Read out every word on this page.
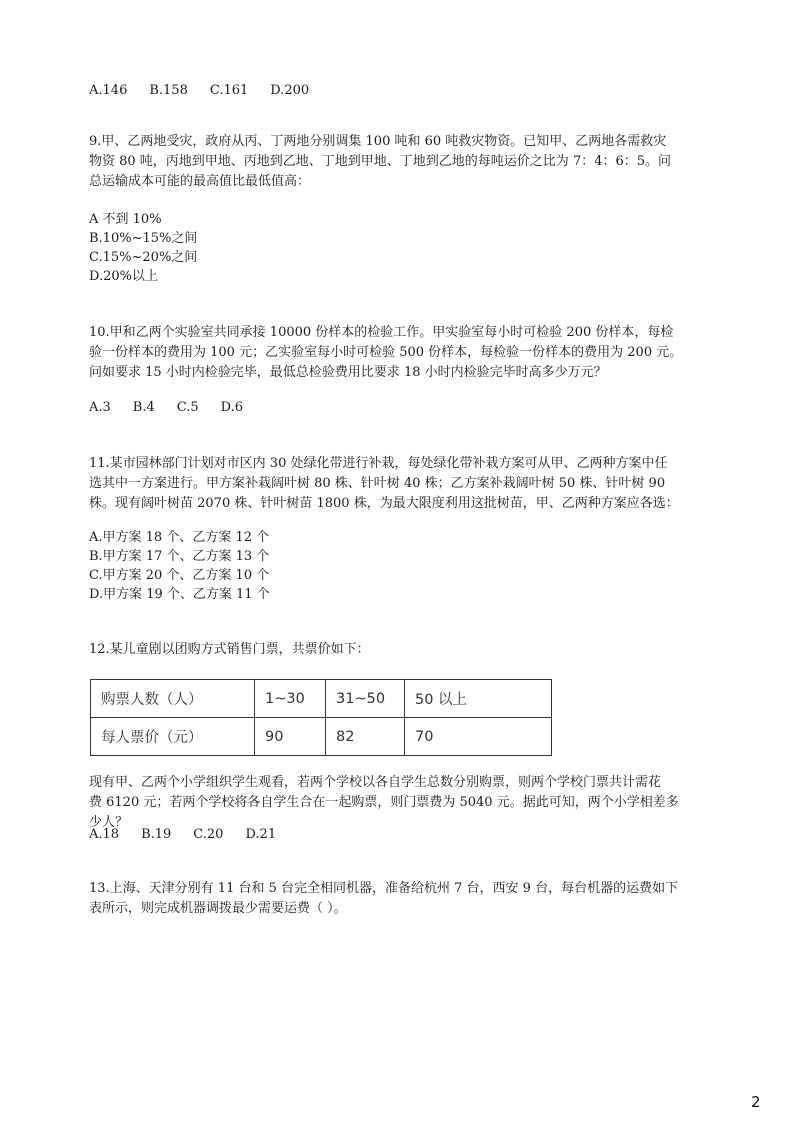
A.146 B.158 C.161 D.200
9.甲、乙两地受灾，政府从丙、丁两地分别调集 100 吨和 60 吨救灾物资。已知甲、乙两地各需救灾
物资 80 吨，丙地到甲地、丙地到乙地、丁地到甲地、丁地到乙地的每吨运价之比为 7：4：6：5。问
总运输成本可能的最高值比最低值高：
A 不到 10%
B.10%~15%之间
C.15%~20%之间
D.20%以上
10.甲和乙两个实验室共同承接 10000 份样本的检验工作。甲实验室每小时可检验 200 份样本，每检
验一份样本的费用为 100 元；乙实验室每小时可检验 500 份样本，每检验一份样本的费用为 200 元。
问如要求 15 小时内检验完毕，最低总检验费用比要求 18 小时内检验完毕时高多少万元？
A.3 B.4 C.5 D.6
11.某市园林部门计划对市区内 30 处绿化带进行补栽，每处绿化带补栽方案可从甲、乙两种方案中任
选其中一方案进行。甲方案补栽阔叶树 80 株、针叶树 40 株；乙方案补栽阔叶树 50 株、针叶树 90
株。现有阔叶树苗 2070 株、针叶树苗 1800 株，为最大限度利用这批树苗，甲、乙两种方案应各选：
A.甲方案 18 个、乙方案 12 个
B.甲方案 17 个、乙方案 13 个
C.甲方案 20 个、乙方案 10 个
D.甲方案 19 个、乙方案 11 个
12.某儿童剧以团购方式销售门票，共票价如下：
购票人数（人）	1~30	31~50	50 以上
每人票价（元）	90	82	70
现有甲、乙两个小学组织学生观看，若两个学校以各自学生总数分别购票，则两个学校门票共计需花
费 6120 元；若两个学校将各自学生合在一起购票，则门票费为 5040 元。据此可知，两个小学相差多
少人？
A.18 B.19 C.20 D.21
13.上海、天津分别有 11 台和 5 台完全相同机器，准备给杭州 7 台，西安 9 台，每台机器的运费如下
表所示，则完成机器调拨最少需要运费（ ）。
2
